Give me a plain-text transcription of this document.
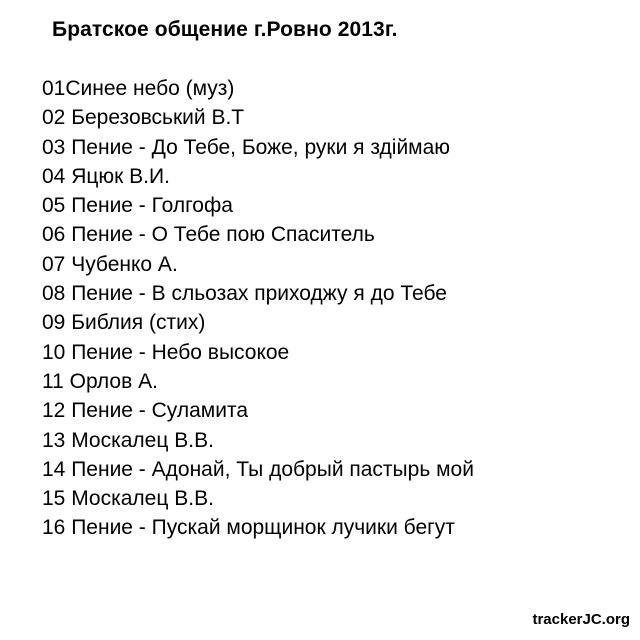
Братское общение г.Ровно 2013г.
01Синее небо (муз)
02 Березовський В.Т
03 Пение - До Тебе, Боже, руки я здіймаю
04 Яцюк В.И.
05 Пение - Голгофа
06 Пение - О Тебе пою Спаситель
07 Чубенко А.
08 Пение - В сльозах приходжу я до Тебе
09 Библия (стих)
10 Пение - Небо высокое
11 Орлов А.
12 Пение - Суламита
13 Москалец В.В.
14 Пение - Адонай, Ты добрый пастырь мой
15 Москалец В.В.
16 Пение - Пускай морщинок лучики бегут
trackerJC.org
